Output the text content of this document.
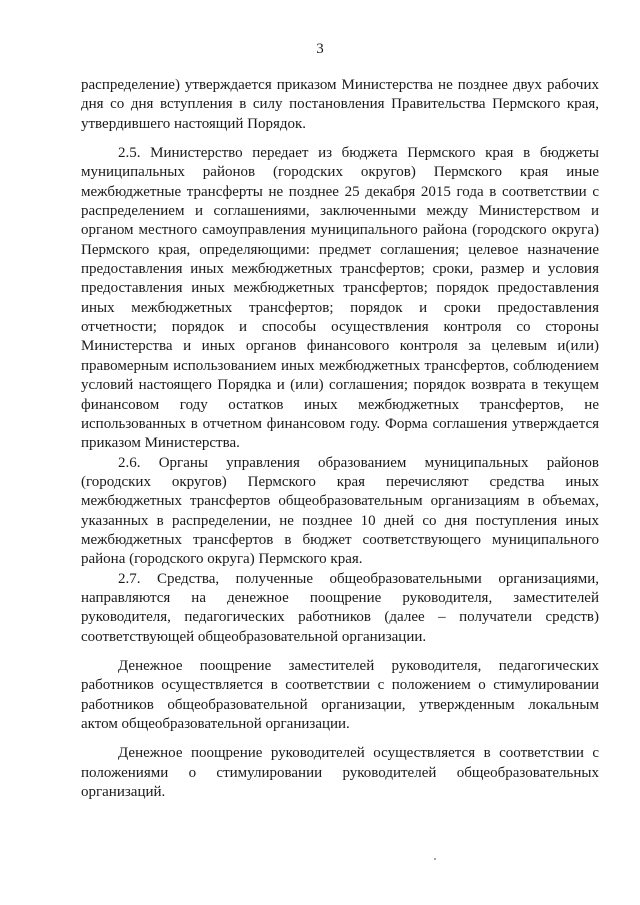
3

распределение) утверждается приказом Министерства не позднее двух рабочих дня со дня вступления в силу постановления Правительства Пермского края, утвердившего настоящий Порядок.

2.5. Министерство передает из бюджета Пермского края в бюджеты муниципальных районов (городских округов) Пермского края иные межбюджетные трансферты не позднее 25 декабря 2015 года в соответствии с распределением и соглашениями, заключенными между Министерством и органом местного самоуправления муниципального района (городского округа) Пермского края, определяющими: предмет соглашения; целевое назначение предоставления иных межбюджетных трансфертов; сроки, размер и условия предоставления иных межбюджетных трансфертов; порядок предоставления иных межбюджетных трансфертов; порядок и сроки предоставления отчетности; порядок и способы осуществления контроля со стороны Министерства и иных органов финансового контроля за целевым и(или) правомерным использованием иных межбюджетных трансфертов, соблюдением условий настоящего Порядка и (или) соглашения; порядок возврата в текущем финансовом году остатков иных межбюджетных трансфертов, не использованных в отчетном финансовом году. Форма соглашения утверждается приказом Министерства.

2.6. Органы управления образованием муниципальных районов (городских округов) Пермского края перечисляют средства иных межбюджетных трансфертов общеобразовательным организациям в объемах, указанных в распределении, не позднее 10 дней со дня поступления иных межбюджетных трансфертов в бюджет соответствующего муниципального района (городского округа) Пермского края.

2.7. Средства, полученные общеобразовательными организациями, направляются на денежное поощрение руководителя, заместителей руководителя, педагогических работников (далее – получатели средств) соответствующей общеобразовательной организации.

Денежное поощрение заместителей руководителя, педагогических работников осуществляется в соответствии с положением о стимулировании работников общеобразовательной организации, утвержденным локальным актом общеобразовательной организации.

Денежное поощрение руководителей осуществляется в соответствии с положениями о стимулировании руководителей общеобразовательных организаций.
